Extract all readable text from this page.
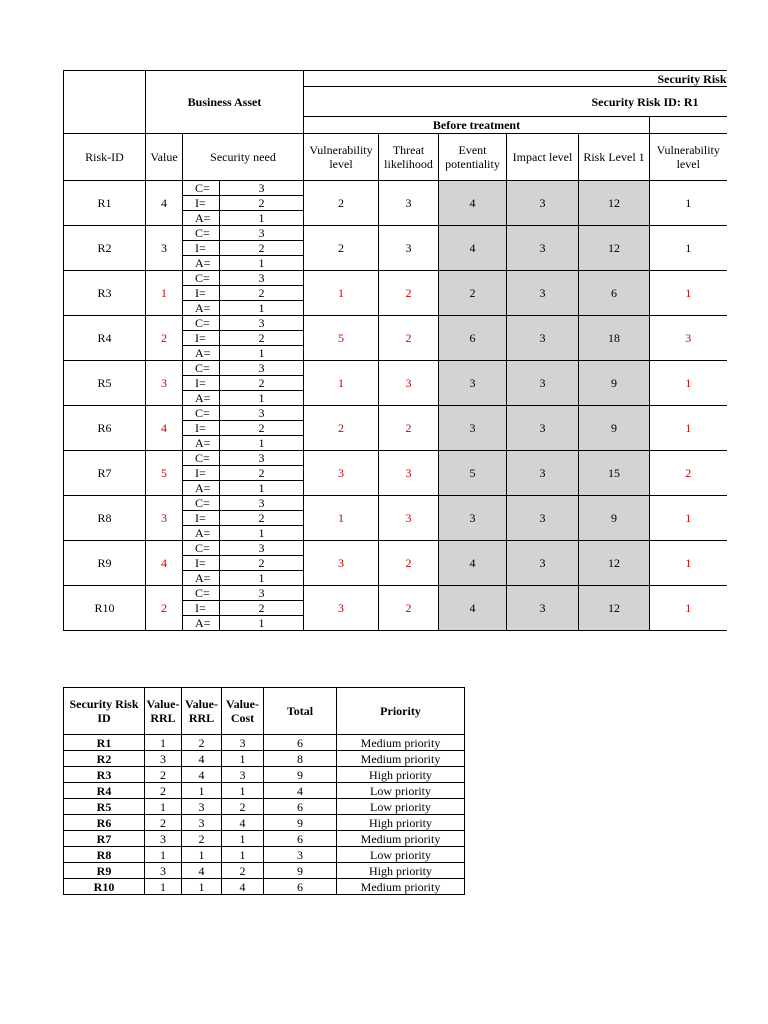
	Business Asset			Security Risk					
				Security Risk ID: R1					
				Before treatment					
Risk-ID	Value	Security need		Vulnerability level	Threat likelihood	Event potentiality	Impact level	Risk Level 1	Vulnerability level
R1	4	C=	3	2	3	4	3	12	1
		I=	2						
		A=	1						
R2	3	C=	3	2	3	4	3	12	1
		I=	2						
		A=	1						
R3	1	C=	3	1	2	2	3	6	1
		I=	2						
		A=	1						
R4	2	C=	3	5	2	6	3	18	3
		I=	2						
		A=	1						
R5	3	C=	3	1	3	3	3	9	1
		I=	2						
		A=	1						
R6	4	C=	3	2	2	3	3	9	1
		I=	2						
		A=	1						
R7	5	C=	3	3	3	5	3	15	2
		I=	2						
		A=	1						
R8	3	C=	3	1	3	3	3	9	1
		I=	2						
		A=	1						
R9	4	C=	3	3	2	4	3	12	1
		I=	2						
		A=	1						
R10	2	C=	3	3	2	4	3	12	1
		I=	2						
		A=	1						
Security Risk ID	Value-RRL	Value-RRL	Value-Cost	Total	Priority
R1	1	2	3	6	Medium priority
R2	3	4	1	8	Medium priority
R3	2	4	3	9	High priority
R4	2	1	1	4	Low priority
R5	1	3	2	6	Low priority
R6	2	3	4	9	High priority
R7	3	2	1	6	Medium priority
R8	1	1	1	3	Low priority
R9	3	4	2	9	High priority
R10	1	1	4	6	Medium priority
